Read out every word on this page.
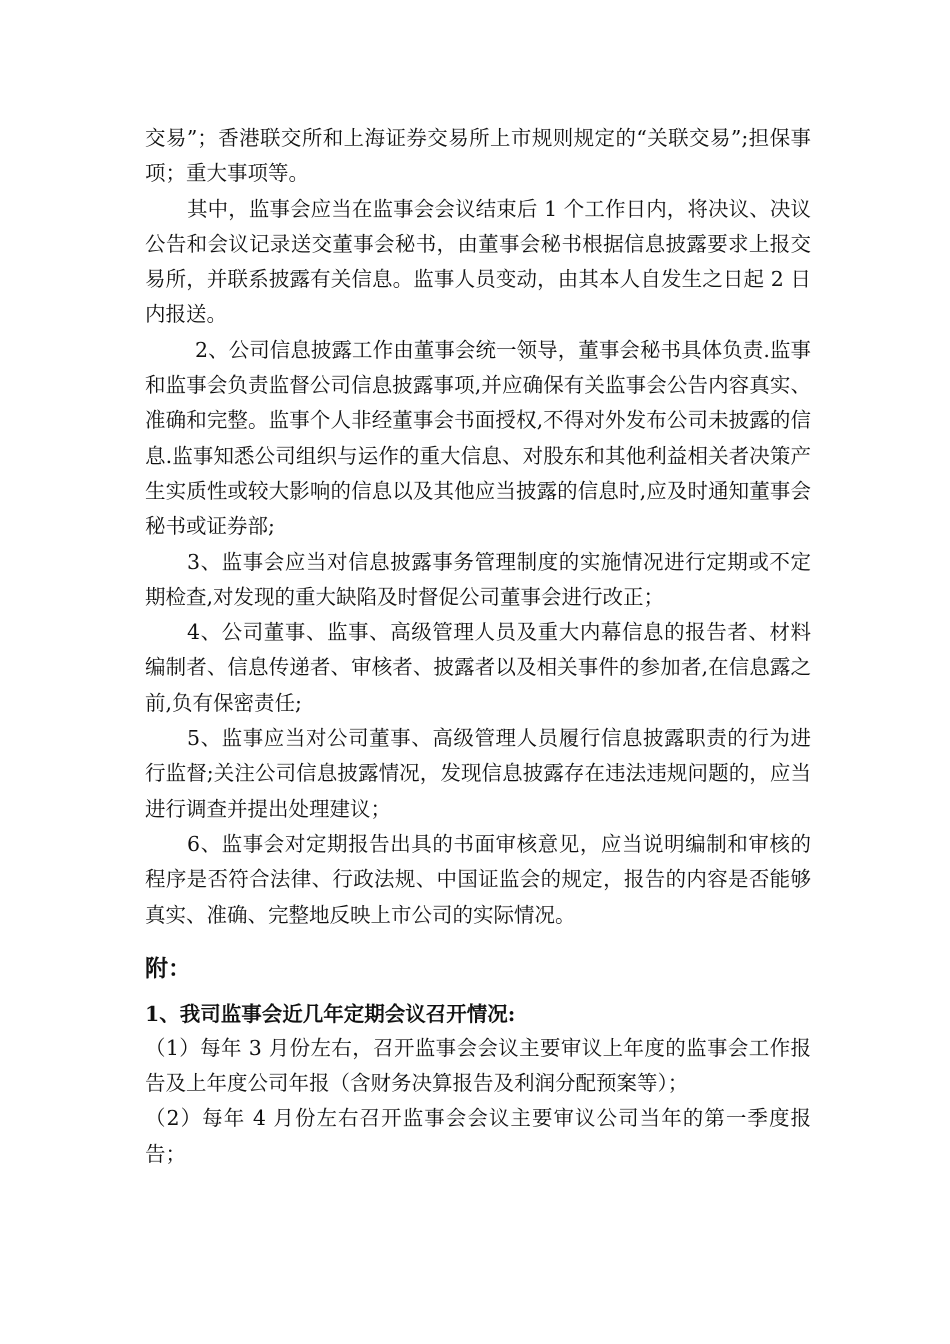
交易”；香港联交所和上海证券交易所上市规则规定的“关联交易”;担保事项；重大事项等。

其中，监事会应当在监事会会议结束后 1 个工作日内，将决议、决议公告和会议记录送交董事会秘书，由董事会秘书根据信息披露要求上报交易所，并联系披露有关信息。监事人员变动，由其本人自发生之日起 2 日内报送。

2、公司信息披露工作由董事会统一领导，董事会秘书具体负责.监事和监事会负责监督公司信息披露事项,并应确保有关监事会公告内容真实、准确和完整。监事个人非经董事会书面授权,不得对外发布公司未披露的信息.监事知悉公司组织与运作的重大信息、对股东和其他利益相关者决策产生实质性或较大影响的信息以及其他应当披露的信息时,应及时通知董事会秘书或证券部;

3、监事会应当对信息披露事务管理制度的实施情况进行定期或不定期检查,对发现的重大缺陷及时督促公司董事会进行改正；

4、公司董事、监事、高级管理人员及重大内幕信息的报告者、材料编制者、信息传递者、审核者、披露者以及相关事件的参加者,在信息露之前,负有保密责任;

5、监事应当对公司董事、高级管理人员履行信息披露职责的行为进行监督;关注公司信息披露情况，发现信息披露存在违法违规问题的，应当进行调查并提出处理建议；

6、监事会对定期报告出具的书面审核意见，应当说明编制和审核的程序是否符合法律、行政法规、中国证监会的规定，报告的内容是否能够真实、准确、完整地反映上市公司的实际情况。

附：
1、我司监事会近几年定期会议召开情况:

（1）每年 3 月份左右，召开监事会会议主要审议上年度的监事会工作报告及上年度公司年报（含财务决算报告及利润分配预案等）；

（2）每年 4 月份左右召开监事会会议主要审议公司当年的第一季度报告；
